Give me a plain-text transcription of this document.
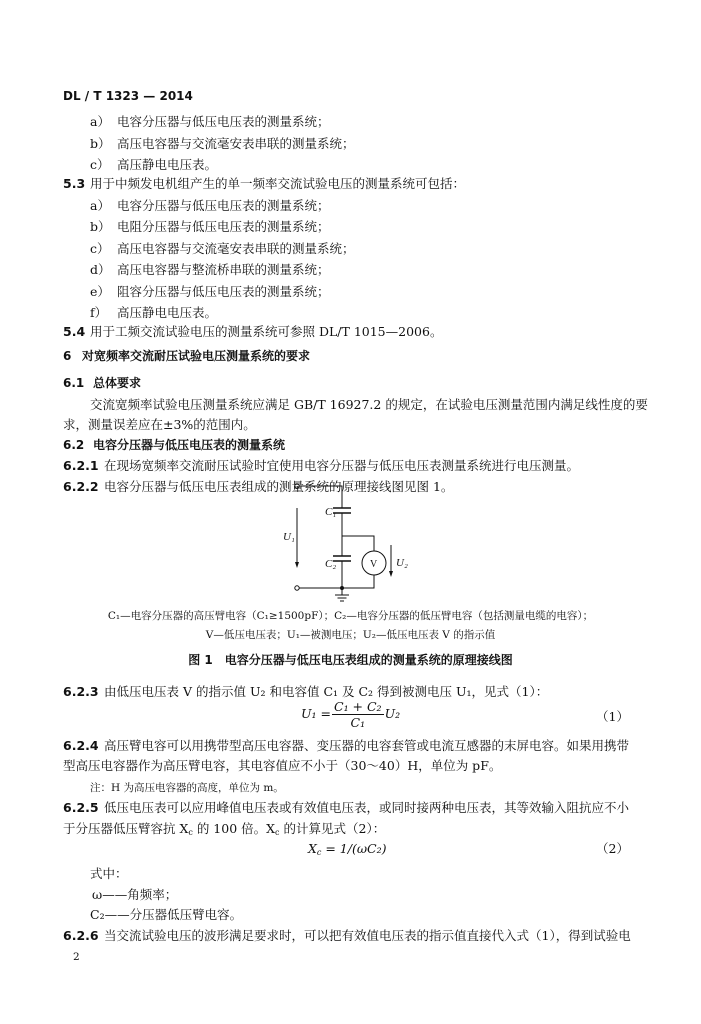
DL / T 1323 — 2014
a） 电容分压器与低压电压表的测量系统；
b） 高压电容器与交流毫安表串联的测量系统；
c） 高压静电电压表。
5.3 用于中频发电机组产生的单一频率交流试验电压的测量系统可包括：
a） 电容分压器与低压电压表的测量系统；
b） 电阻分压器与低压电压表的测量系统；
c） 高压电容器与交流毫安表串联的测量系统；
d） 高压电容器与整流桥串联的测量系统；
e） 阻容分压器与低压电压表的测量系统；
f） 高压静电电压表。
5.4 用于工频交流试验电压的测量系统可参照 DL/T 1015—2006。
6 对宽频率交流耐压试验电压测量系统的要求
6.1 总体要求
交流宽频率试验电压测量系统应满足 GB/T 16927.2 的规定，在试验电压测量范围内满足线性度的要
求，测量误差应在±3%的范围内。
6.2 电容分压器与低压电压表的测量系统
6.2.1 在现场宽频率交流耐压试验时宜使用电容分压器与低压电压表测量系统进行电压测量。
6.2.2 电容分压器与低压电压表组成的测量系统的原理接线图见图 1。
C₁
C₂
U₁
U₂
V
C₁—电容分压器的高压臂电容（C₁≥1500pF）；C₂—电容分压器的低压臂电容（包括测量电缆的电容）；
V—低压电压表；U₁—被测电压；U₂—低压电压表 V 的指示值
图 1　电容分压器与低压电压表组成的测量系统的原理接线图
6.2.3 由低压电压表 V 的指示值 U₂ 和电容值 C₁ 及 C₂ 得到被测电压 U₁，见式（1）：
$U_1 = \frac{\text{C₁ + C₂}}{\text{C₁}} U_2$	（1）
6.2.4 高压臂电容可以用携带型高压电容器、变压器的电容套管或电流互感器的末屏电容。如果用携带
型高压电容器作为高压臂电容，其电容值应不小于（30～40）H，单位为 pF。
注：H 为高压电容器的高度，单位为 m。
6.2.5 低压电压表可以应用峰值电压表或有效值电压表，或同时接两种电压表，其等效输入阻抗应不小
于分压器低压臂容抗 $X_c$ 的 100 倍。$X_c$ 的计算见式（2）：
$X_c = 1/(\omega C_2)$	（2）
式中：
ω——角频率；
C₂——分压器低压臂电容。
6.2.6 当交流试验电压的波形满足要求时，可以把有效值电压表的指示值直接代入式（1），得到试验电
2
